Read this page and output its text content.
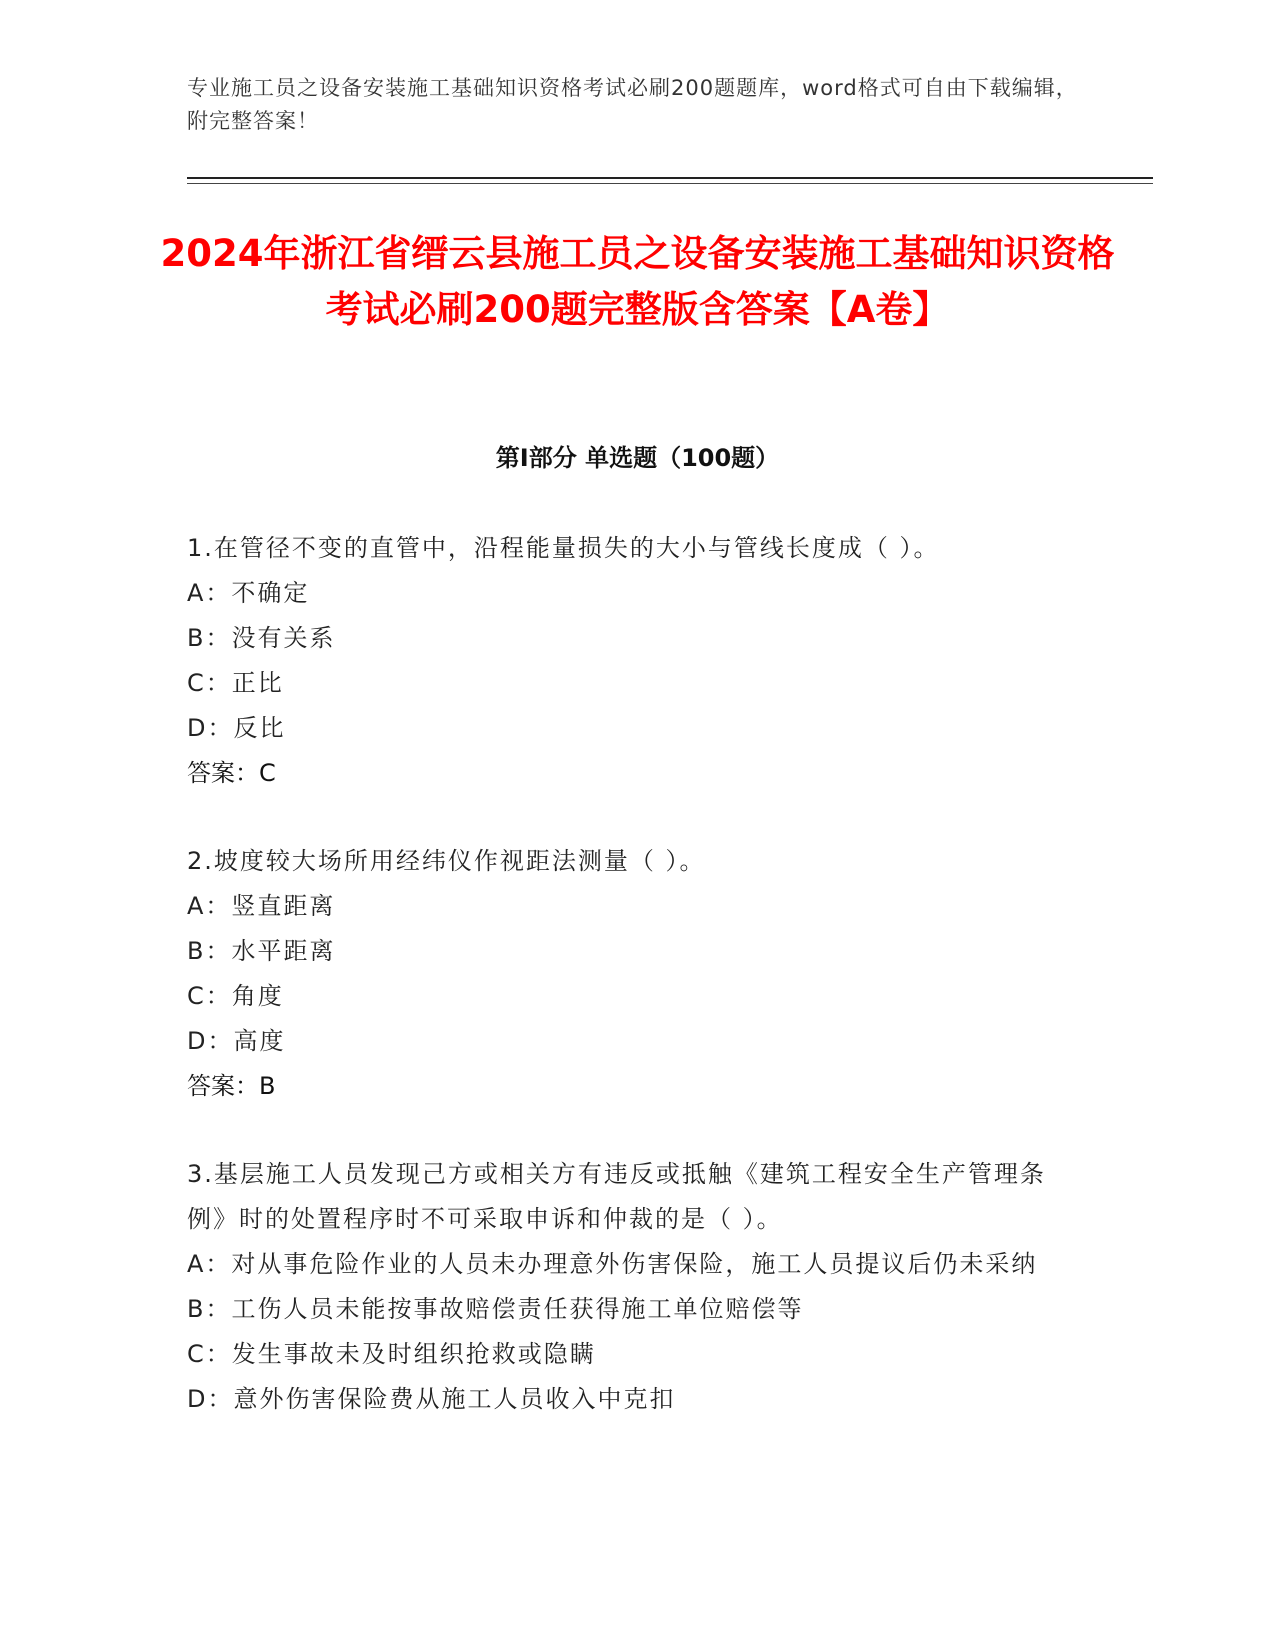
专业施工员之设备安装施工基础知识资格考试必刷200题题库，word格式可自由下载编辑，附完整答案！
2024年浙江省缙云县施工员之设备安装施工基础知识资格考试必刷200题完整版含答案【A卷】
第I部分 单选题（100题）
1.在管径不变的直管中，沿程能量损失的大小与管线长度成（ ）。
A：不确定
B：没有关系
C：正比
D：反比
答案：C
2.坡度较大场所用经纬仪作视距法测量（ ）。
A：竖直距离
B：水平距离
C：角度
D：高度
答案：B
3.基层施工人员发现己方或相关方有违反或抵触《建筑工程安全生产管理条例》时的处置程序时不可采取申诉和仲裁的是（ ）。
A：对从事危险作业的人员未办理意外伤害保险，施工人员提议后仍未采纳
B：工伤人员未能按事故赔偿责任获得施工单位赔偿等
C：发生事故未及时组织抢救或隐瞒
D：意外伤害保险费从施工人员收入中克扣
